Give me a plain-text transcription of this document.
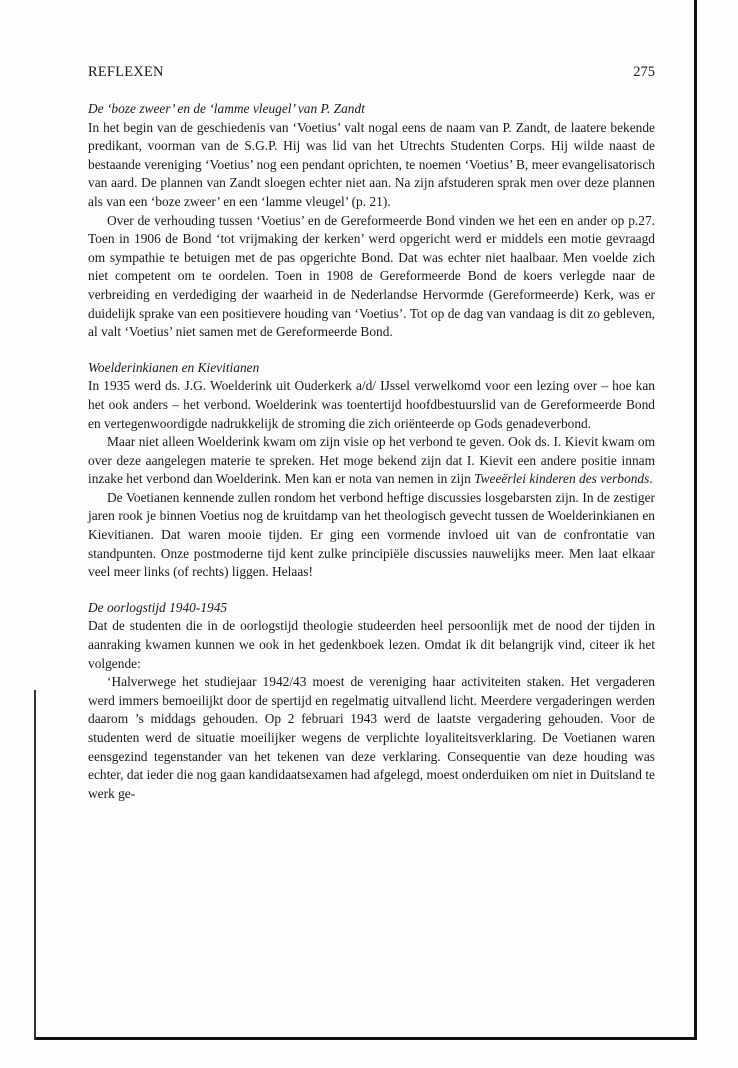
REFLEXEN	275
De ‘boze zweer’ en de ‘lamme vleugel’ van P. Zandt

In het begin van de geschiedenis van ‘Voetius’ valt nogal eens de naam van P. Zandt, de laatere bekende predikant, voorman van de S.G.P. Hij was lid van het Utrechts Studenten Corps. Hij wilde naast de bestaande vereniging ‘Voetius’ nog een pendant oprichten, te noemen ‘Voetius’ B, meer evangelisatorisch van aard. De plannen van Zandt sloegen echter niet aan. Na zijn afstuderen sprak men over deze plannen als van een ‘boze zweer’ en een ‘lamme vleugel’ (p. 21).

Over de verhouding tussen ‘Voetius’ en de Gereformeerde Bond vinden we het een en ander op p.27. Toen in 1906 de Bond ‘tot vrijmaking der kerken’ werd opgericht werd er middels een motie gevraagd om sympathie te betuigen met de pas opgerichte Bond. Dat was echter niet haalbaar. Men voelde zich niet competent om te oordelen. Toen in 1908 de Gereformeerde Bond de koers verlegde naar de verbreiding en verdediging der waarheid in de Nederlandse Hervormde (Gereformeerde) Kerk, was er duidelijk sprake van een positievere houding van ‘Voetius’. Tot op de dag van vandaag is dit zo gebleven, al valt ‘Voetius’ niet samen met de Gereformeerde Bond.

Woelderinkianen en Kievitianen

In 1935 werd ds. J.G. Woelderink uit Ouderkerk a/d/ IJssel verwelkomd voor een lezing over – hoe kan het ook anders – het verbond. Woelderink was toentertijd hoofdbestuurslid van de Gereformeerde Bond en vertegenwoordigde nadrukkelijk de stroming die zich oriënteerde op Gods genadeverbond.

Maar niet alleen Woelderink kwam om zijn visie op het verbond te geven. Ook ds. I. Kievit kwam om over deze aangelegen materie te spreken. Het moge bekend zijn dat I. Kievit een andere positie innam inzake het verbond dan Woelderink. Men kan er nota van nemen in zijn Tweeërlei kinderen des verbonds.

De Voetianen kennende zullen rondom het verbond heftige discussies losgebarsten zijn. In de zestiger jaren rook je binnen Voetius nog de kruitdamp van het theologisch gevecht tussen de Woelderinkianen en Kievitianen. Dat waren mooie tijden. Er ging een vormende invloed uit van de confrontatie van standpunten. Onze postmoderne tijd kent zulke principiële discussies nauwelijks meer. Men laat elkaar veel meer links (of rechts) liggen. Helaas!

De oorlogstijd 1940-1945

Dat de studenten die in de oorlogstijd theologie studeerden heel persoonlijk met de nood der tijden in aanraking kwamen kunnen we ook in het gedenkboek lezen. Omdat ik dit belangrijk vind, citeer ik het volgende:

‘Halverwege het studiejaar 1942/43 moest de vereniging haar activiteiten staken. Het vergaderen werd immers bemoeilijkt door de spertijd en regelmatig uitvallend licht. Meerdere vergaderingen werden daarom ’s middags gehouden. Op 2 februari 1943 werd de laatste vergadering gehouden. Voor de studenten werd de situatie moeilijker wegens de verplichte loyaliteitsverklaring. De Voetianen waren eensgezind tegenstander van het tekenen van deze verklaring. Consequentie van deze houding was echter, dat ieder die nog gaan kandidaatsexamen had afgelegd, moest onderduiken om niet in Duitsland te werk ge-
